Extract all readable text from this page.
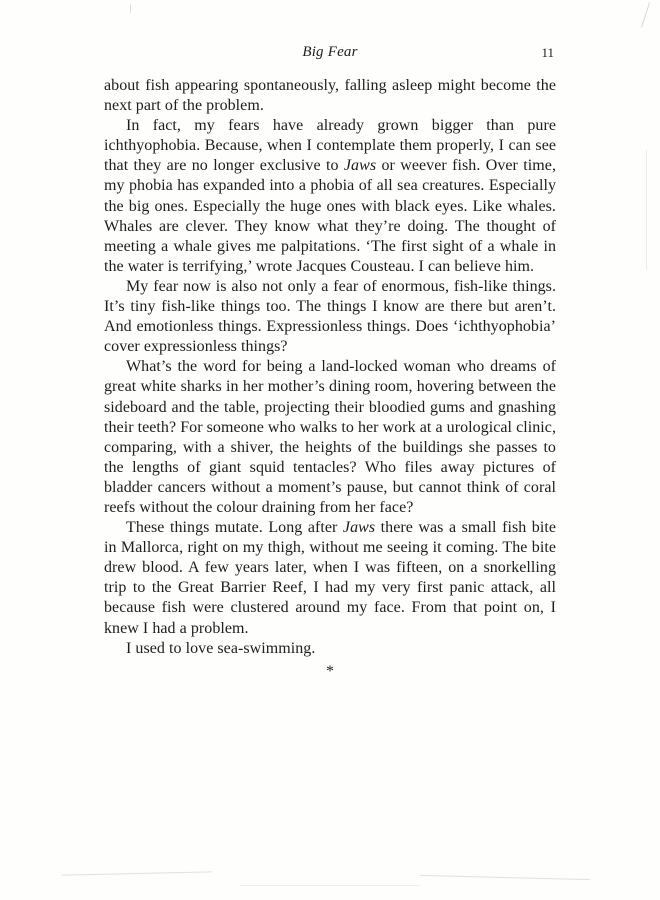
Big Fear	11

about fish appearing spontaneously, falling asleep might become the next part of the problem.

In fact, my fears have already grown bigger than pure ichthyophobia. Because, when I contemplate them properly, I can see that they are no longer exclusive to Jaws or weever fish. Over time, my phobia has expanded into a phobia of all sea creatures. Especially the big ones. Especially the huge ones with black eyes. Like whales. Whales are clever. They know what they’re doing. The thought of meeting a whale gives me palpitations. ‘The first sight of a whale in the water is terrifying,’ wrote Jacques Cousteau. I can believe him.

My fear now is also not only a fear of enormous, fish-like things. It’s tiny fish-like things too. The things I know are there but aren’t. And emotionless things. Expressionless things. Does ‘ichthyophobia’ cover expressionless things?

What’s the word for being a land-locked woman who dreams of great white sharks in her mother’s dining room, hovering between the sideboard and the table, projecting their bloodied gums and gnashing their teeth? For someone who walks to her work at a urological clinic, comparing, with a shiver, the heights of the buildings she passes to the lengths of giant squid tentacles? Who files away pictures of bladder cancers without a moment’s pause, but cannot think of coral reefs without the colour draining from her face?

These things mutate. Long after Jaws there was a small fish bite in Mallorca, right on my thigh, without me seeing it coming. The bite drew blood. A few years later, when I was fifteen, on a snorkelling trip to the Great Barrier Reef, I had my very first panic attack, all because fish were clustered around my face. From that point on, I knew I had a problem.

I used to love sea-swimming.

*
